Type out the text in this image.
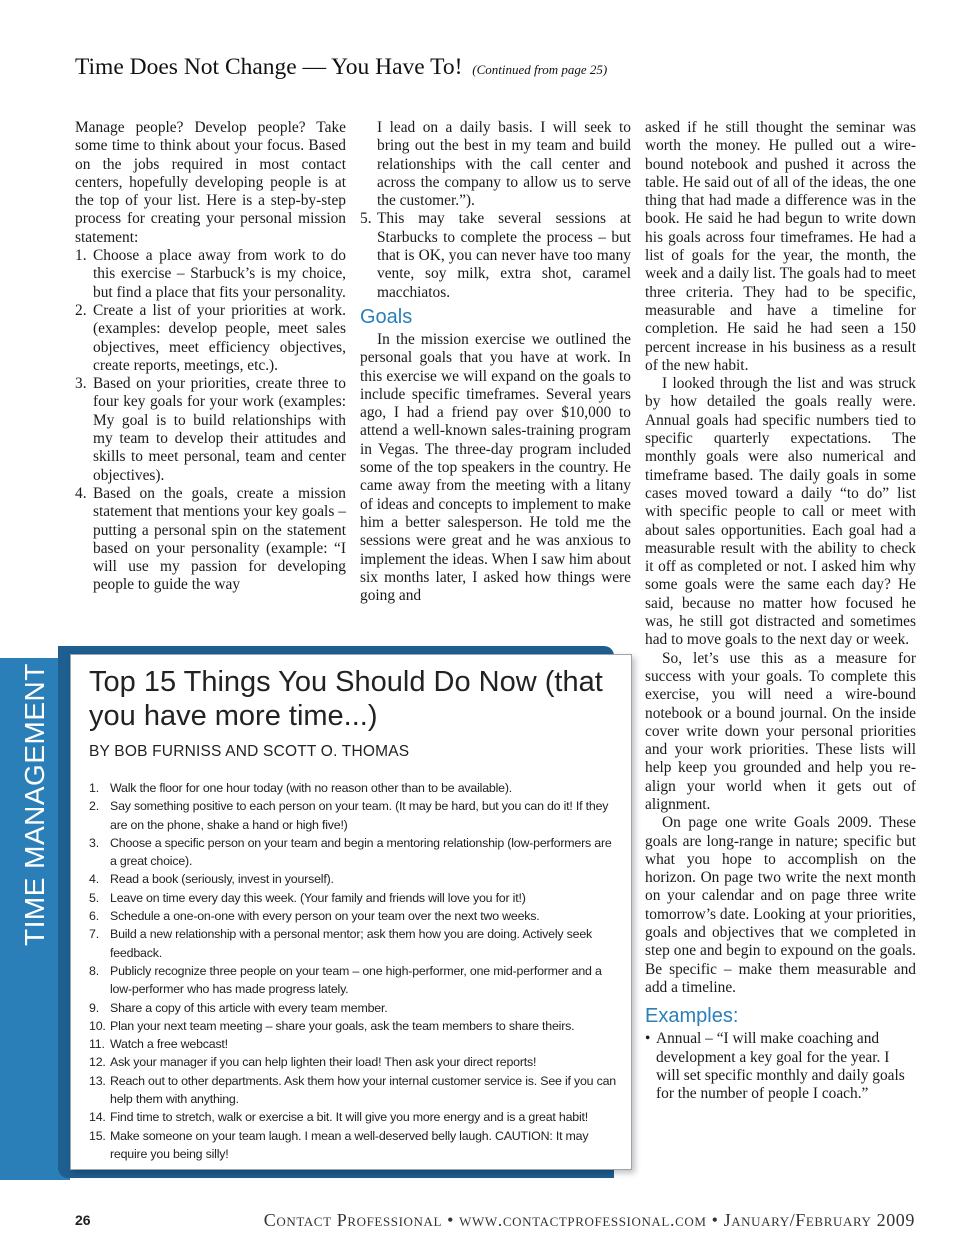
Time Does Not Change — You Have To! (Continued from page 25)

Manage people? Develop people? Take some time to think about your focus. Based on the jobs required in most contact centers, hopefully developing people is at the top of your list. Here is a step-by-step process for creating your personal mission statement:

1. Choose a place away from work to do this exercise – Starbuck’s is my choice, but find a place that fits your personality.
2. Create a list of your priorities at work. (examples: develop people, meet sales objectives, meet efficiency objectives, create reports, meetings, etc.).
3. Based on your priorities, create three to four key goals for your work (examples: My goal is to build relationships with my team to develop their attitudes and skills to meet personal, team and center objectives).
4. Based on the goals, create a mission statement that mentions your key goals – putting a personal spin on the statement based on your personality (example: “I will use my passion for developing people to guide the way

I lead on a daily basis. I will seek to bring out the best in my team and build relationships with the call center and across the company to allow us to serve the customer.”).

5. This may take several sessions at Starbucks to complete the process – but that is OK, you can never have too many vente, soy milk, extra shot, caramel macchiatos.
Goals

In the mission exercise we outlined the personal goals that you have at work. In this exercise we will expand on the goals to include specific timeframes. Several years ago, I had a friend pay over $10,000 to attend a well-known sales-training program in Vegas. The three-day program included some of the top speakers in the country. He came away from the meeting with a litany of ideas and concepts to implement to make him a better salesperson. He told me the sessions were great and he was anxious to implement the ideas. When I saw him about six months later, I asked how things were going and

asked if he still thought the seminar was worth the money. He pulled out a wire-bound notebook and pushed it across the table. He said out of all of the ideas, the one thing that had made a difference was in the book. He said he had begun to write down his goals across four timeframes. He had a list of goals for the year, the month, the week and a daily list. The goals had to meet three criteria. They had to be specific, measurable and have a timeline for completion. He said he had seen a 150 percent increase in his business as a result of the new habit.

I looked through the list and was struck by how detailed the goals really were. Annual goals had specific numbers tied to specific quarterly expectations. The monthly goals were also numerical and timeframe based. The daily goals in some cases moved toward a daily “to do” list with specific people to call or meet with about sales opportunities. Each goal had a measurable result with the ability to check it off as completed or not. I asked him why some goals were the same each day? He said, because no matter how focused he was, he still got distracted and sometimes had to move goals to the next day or week.

So, let’s use this as a measure for success with your goals. To complete this exercise, you will need a wire-bound notebook or a bound journal. On the inside cover write down your personal priorities and your work priorities. These lists will help keep you grounded and help you re-align your world when it gets out of alignment.

On page one write Goals 2009. These goals are long-range in nature; specific but what you hope to accomplish on the horizon. On page two write the next month on your calendar and on page three write tomorrow’s date. Looking at your priorities, goals and objectives that we completed in step one and begin to expound on the goals. Be specific – make them measurable and add a timeline.

Examples:
• Annual – “I will make coaching and development a key goal for the year. I will set specific monthly and daily goals for the number of people I coach.”
TIME MANAGEMENT Top 15 Things You Should Do Now (that you have more time...)
BY BOB FURNISS AND SCOTT O. THOMAS
1. Walk the floor for one hour today (with no reason other than to be available).
2. Say something positive to each person on your team. (It may be hard, but you can do it! If they are on the phone, shake a hand or high five!)
3. Choose a specific person on your team and begin a mentoring relationship (low-performers are a great choice).
4. Read a book (seriously, invest in yourself).
5. Leave on time every day this week. (Your family and friends will love you for it!)
6. Schedule a one-on-one with every person on your team over the next two weeks.
7. Build a new relationship with a personal mentor; ask them how you are doing. Actively seek feedback.
8. Publicly recognize three people on your team – one high-performer, one mid-performer and a low-performer who has made progress lately.
9. Share a copy of this article with every team member.
10. Plan your next team meeting – share your goals, ask the team members to share theirs.
11. Watch a free webcast!
12. Ask your manager if you can help lighten their load! Then ask your direct reports!
13. Reach out to other departments. Ask them how your internal customer service is. See if you can help them with anything.
14. Find time to stretch, walk or exercise a bit. It will give you more energy and is a great habit!
15. Make someone on your team laugh. I mean a well-deserved belly laugh. CAUTION: It may require you being silly!
26	Contact Professional • www.contactprofessional.com • January/February 2009
